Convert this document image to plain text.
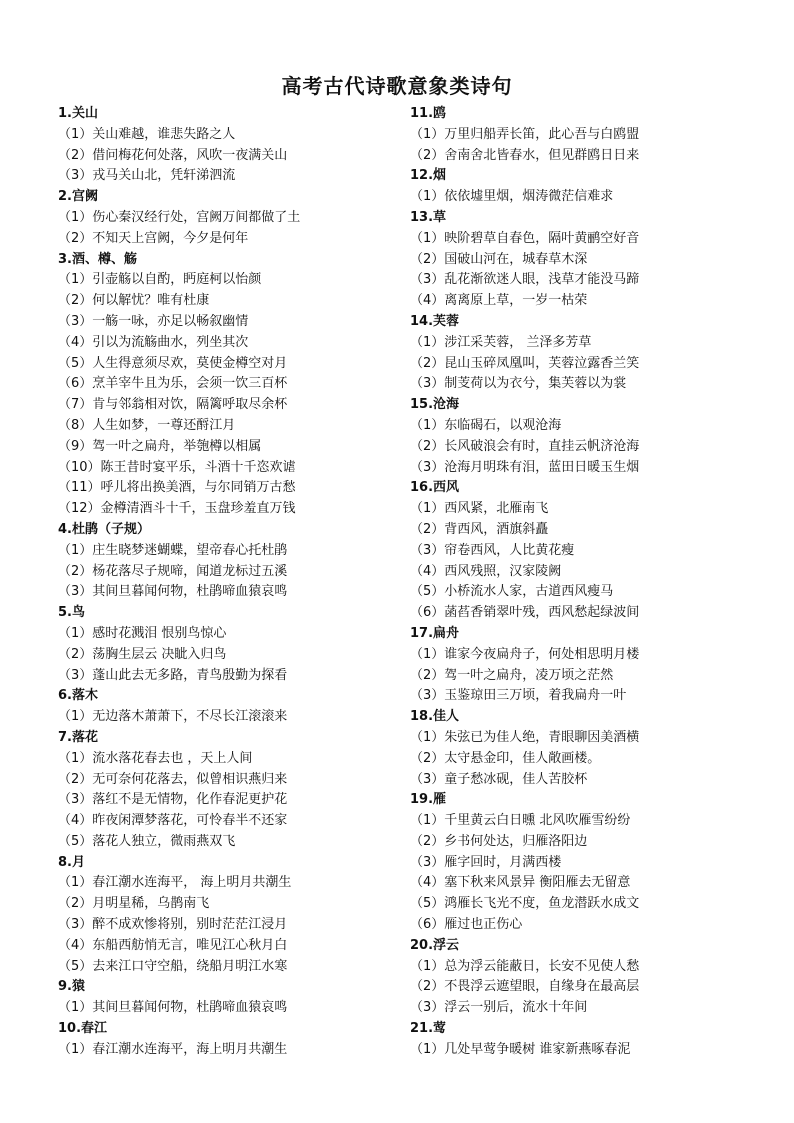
高考古代诗歌意象类诗句
1.关山
（1）关山难越，谁悲失路之人
（2）借问梅花何处落，风吹一夜满关山
（3）戎马关山北，凭轩涕泗流
2.宫阙
（1）伤心秦汉经行处，宫阙万间都做了土
（2）不知天上宫阙，今夕是何年
3.酒、樽、觞
（1）引壶觞以自酌，眄庭柯以怡颜
（2）何以解忧？唯有杜康
（3）一觞一咏，亦足以畅叙幽情
（4）引以为流觞曲水，列坐其次
（5）人生得意须尽欢，莫使金樽空对月
（6）烹羊宰牛且为乐，会须一饮三百杯
（7）肯与邻翁相对饮，隔篱呼取尽余杯
（8）人生如梦，一尊还酹江月
（9）驾一叶之扁舟，举匏樽以相属
（10）陈王昔时宴平乐，斗酒十千恣欢谑
（11）呼儿将出换美酒，与尔同销万古愁
（12）金樽清酒斗十千，玉盘珍羞直万钱
4.杜鹃（子规）
（1）庄生晓梦迷蝴蝶，望帝春心托杜鹃
（2）杨花落尽子规啼，闻道龙标过五溪
（3）其间旦暮闻何物，杜鹃啼血猿哀鸣
5.鸟
（1）感时花溅泪 恨别鸟惊心
（2）荡胸生层云 决眦入归鸟
（3）蓬山此去无多路，青鸟殷勤为探看
6.落木
（1）无边落木萧萧下，不尽长江滚滚来
7.落花
（1）流水落花春去也 ，天上人间
（2）无可奈何花落去，似曾相识燕归来
（3）落红不是无情物，化作春泥更护花
（4）昨夜闲潭梦落花，可怜春半不还家
（5）落花人独立，微雨燕双飞
8.月
（1）春江潮水连海平， 海上明月共潮生
（2）月明星稀，乌鹊南飞
（3）醉不成欢惨将别，别时茫茫江浸月
（4）东船西舫悄无言，唯见江心秋月白
（5）去来江口守空船，绕船月明江水寒
9.猿
（1）其间旦暮闻何物，杜鹃啼血猿哀鸣
10.春江
（1）春江潮水连海平，海上明月共潮生
11.鸥
（1）万里归船弄长笛，此心吾与白鸥盟
（2）舍南舍北皆春水，但见群鸥日日来
12.烟
（1）依依墟里烟，烟涛微茫信难求
13.草
（1）映阶碧草自春色，隔叶黄鹂空好音
（2）国破山河在，城春草木深
（3）乱花渐欲迷人眼，浅草才能没马蹄
（4）离离原上草，一岁一枯荣
14.芙蓉
（1）涉江采芙蓉， 兰泽多芳草
（2）昆山玉碎凤凰叫，芙蓉泣露香兰笑
（3）制芰荷以为衣兮，集芙蓉以为裳
15.沧海
（1）东临碣石，以观沧海
（2）长风破浪会有时，直挂云帆济沧海
（3）沧海月明珠有泪，蓝田日暖玉生烟
16.西风
（1）西风紧，北雁南飞
（2）背西风，酒旗斜矗
（3）帘卷西风，人比黄花瘦
（4）西风残照，汉家陵阙
（5）小桥流水人家，古道西风瘦马
（6）菡萏香销翠叶残，西风愁起绿波间
17.扁舟
（1）谁家今夜扁舟子，何处相思明月楼
（2）驾一叶之扁舟，凌万顷之茫然
（3）玉鉴琼田三万顷，着我扁舟一叶
18.佳人
（1）朱弦已为佳人绝，青眼聊因美酒横
（2）太守悬金印，佳人敞画楼。
（3）童子愁冰砚，佳人苦胶杯
19.雁
（1）千里黄云白日曛 北风吹雁雪纷纷
（2）乡书何处达，归雁洛阳边
（3）雁字回时，月满西楼
（4）塞下秋来风景异 衡阳雁去无留意
（5）鸿雁长飞光不度，鱼龙潜跃水成文
（6）雁过也正伤心
20.浮云
（1）总为浮云能蔽日，长安不见使人愁
（2）不畏浮云遮望眼，自缘身在最高层
（3）浮云一别后，流水十年间
21.莺
（1）几处早莺争暖树 谁家新燕啄春泥
